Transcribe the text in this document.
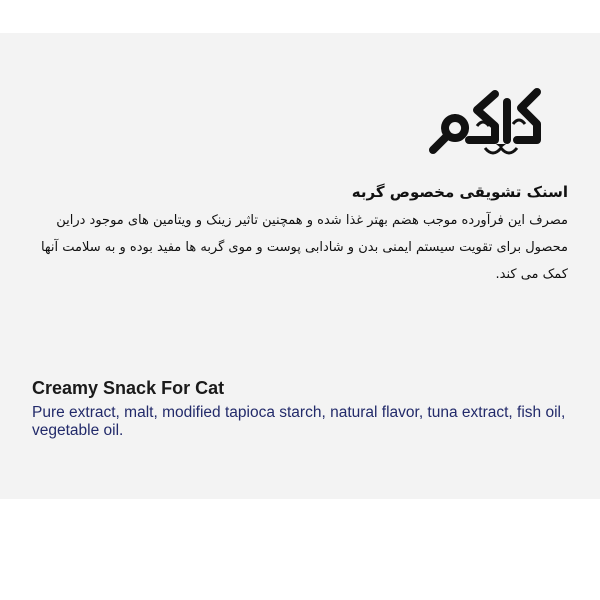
اسنک تشویقی مخصوص گربه
مصرف این فرآورده موجب هضم بهتر غذا شده و همچنین تاثیر زینک و ویتامین های موجود دراین محصول برای تقویت سیستم ایمنی بدن و شادابی پوست و موی گربه ها مفید بوده و به سلامت آنها کمک می کند.
Creamy Snack For Cat
Pure extract, malt, modified tapioca starch, natural flavor, tuna extract, fish oil, vegetable oil.
